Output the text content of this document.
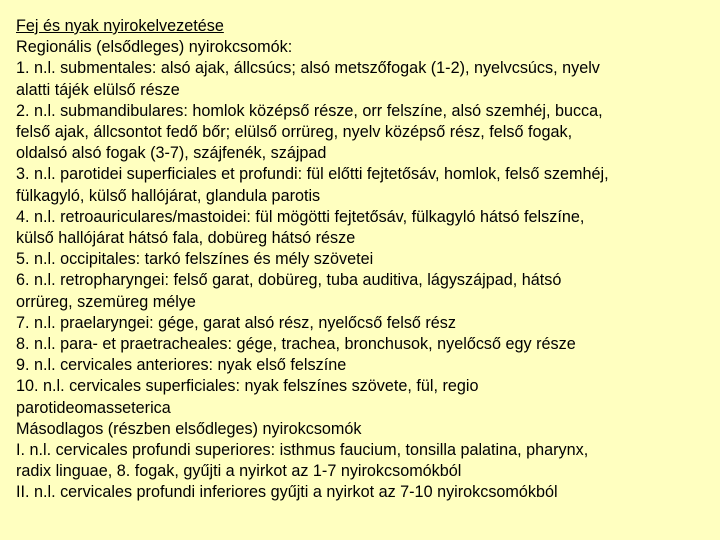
Fej és nyak nyirokelvezetése
Regionális (elsődleges) nyirokcsomók:
1. n.l. submentales: alsó ajak, állcsúcs; alsó metszőfogak (1-2), nyelvcsúcs, nyelv
alatti tájék elülső része
2. n.l. submandibulares: homlok középső része, orr felszíne, alsó szemhéj, bucca,
felső ajak, állcsontot fedő bőr; elülső orrüreg, nyelv középső rész, felső fogak,
oldalsó alsó fogak (3-7), szájfenék, szájpad
3. n.l. parotidei superficiales et profundi: fül előtti fejtetősáv, homlok, felső szemhéj,
fülkagyló, külső hallójárat, glandula parotis
4. n.l. retroauriculares/mastoidei: fül mögötti fejtetősáv, fülkagyló hátsó felszíne,
külső hallójárat hátsó fala, dobüreg hátsó része
5. n.l. occipitales: tarkó felszínes és mély szövetei
6. n.l. retropharyngei: felső garat, dobüreg, tuba auditiva, lágyszájpad, hátsó
orrüreg, szemüreg mélye
7. n.l. praelaryngei: gége, garat alsó rész, nyelőcső felső rész
8. n.l. para- et praetracheales: gége, trachea, bronchusok, nyelőcső egy része
9. n.l. cervicales anteriores: nyak első felszíne
10. n.l. cervicales superficiales: nyak felszínes szövete, fül, regio
parotideomasseterica
Másodlagos (részben elsődleges) nyirokcsomók
I. n.l. cervicales profundi superiores: isthmus faucium, tonsilla palatina, pharynx,
radix linguae, 8. fogak, gyűjti a nyirkot az 1-7 nyirokcsomókból
II. n.l. cervicales profundi inferiores gyűjti a nyirkot az 7-10 nyirokcsomókból
